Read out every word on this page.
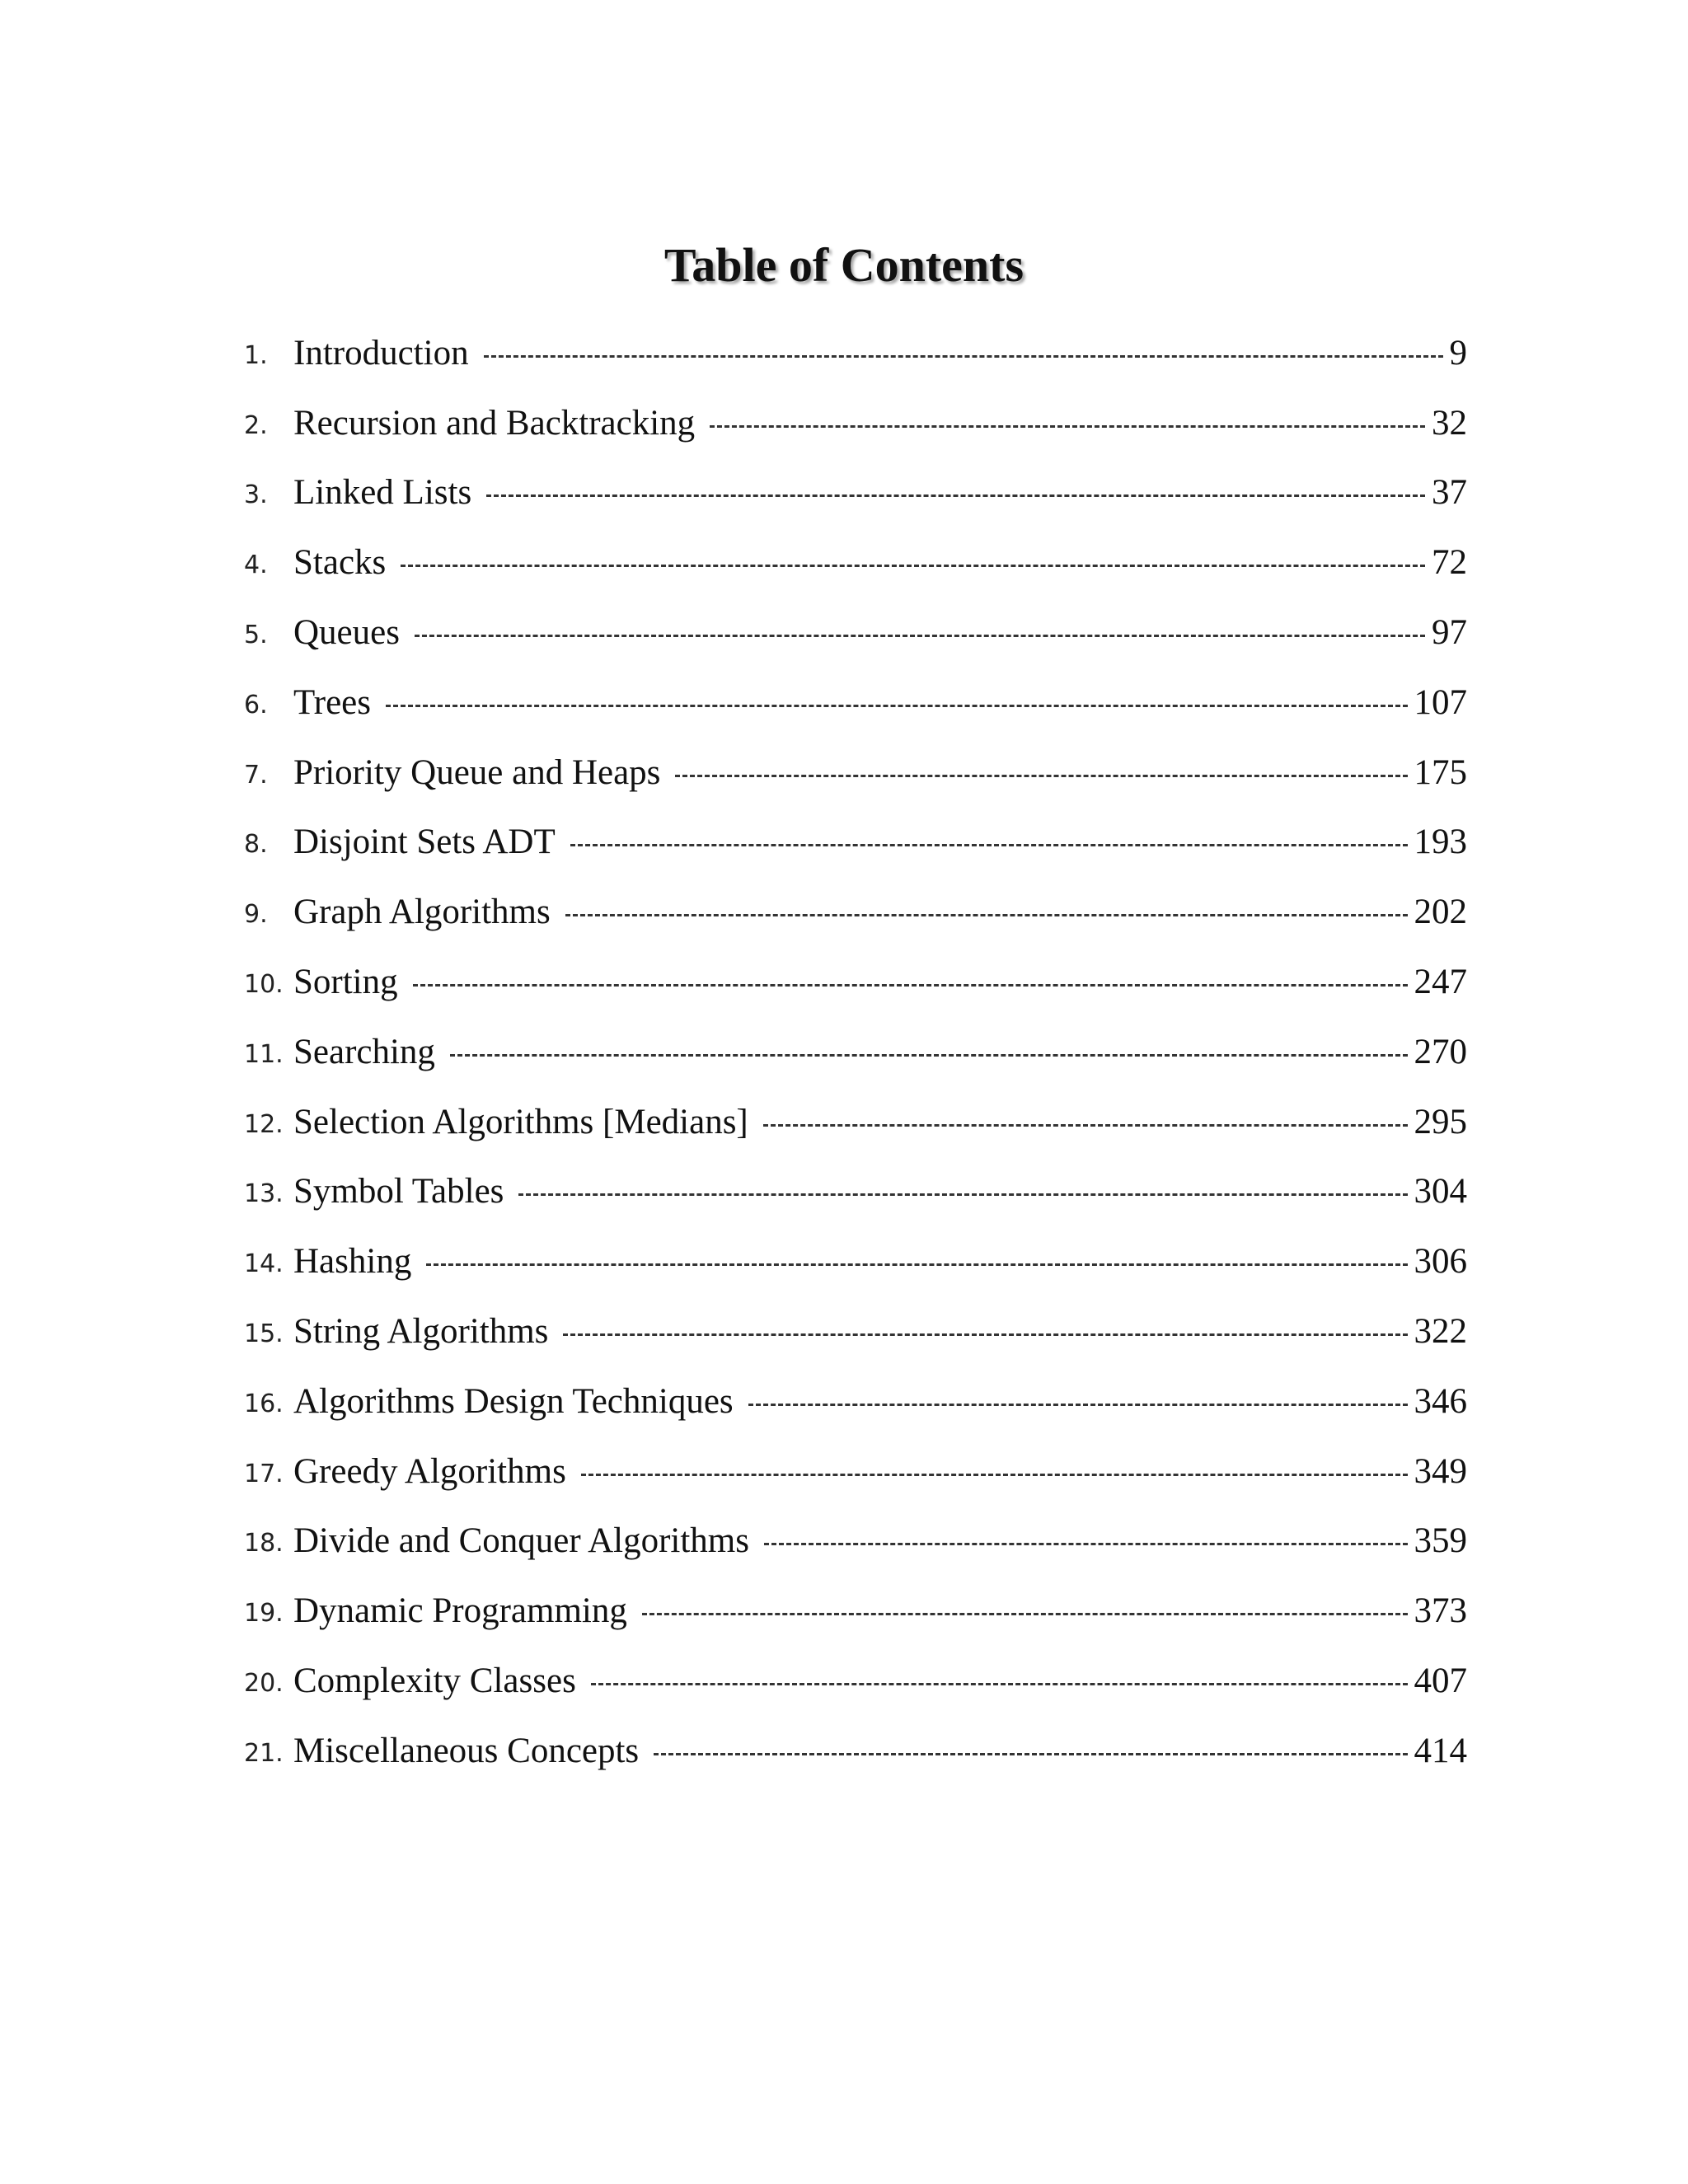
Table of Contents
1. Introduction	9
2. Recursion and Backtracking	32
3. Linked Lists	37
4. Stacks	72
5. Queues	97
6. Trees	107
7. Priority Queue and Heaps	175
8. Disjoint Sets ADT	193
9. Graph Algorithms	202
10. Sorting	247
11. Searching	270
12. Selection Algorithms [Medians]	295
13. Symbol Tables	304
14. Hashing	306
15. String Algorithms	322
16. Algorithms Design Techniques	346
17. Greedy Algorithms	349
18. Divide and Conquer Algorithms	359
19. Dynamic Programming	373
20. Complexity Classes	407
21. Miscellaneous Concepts	414
